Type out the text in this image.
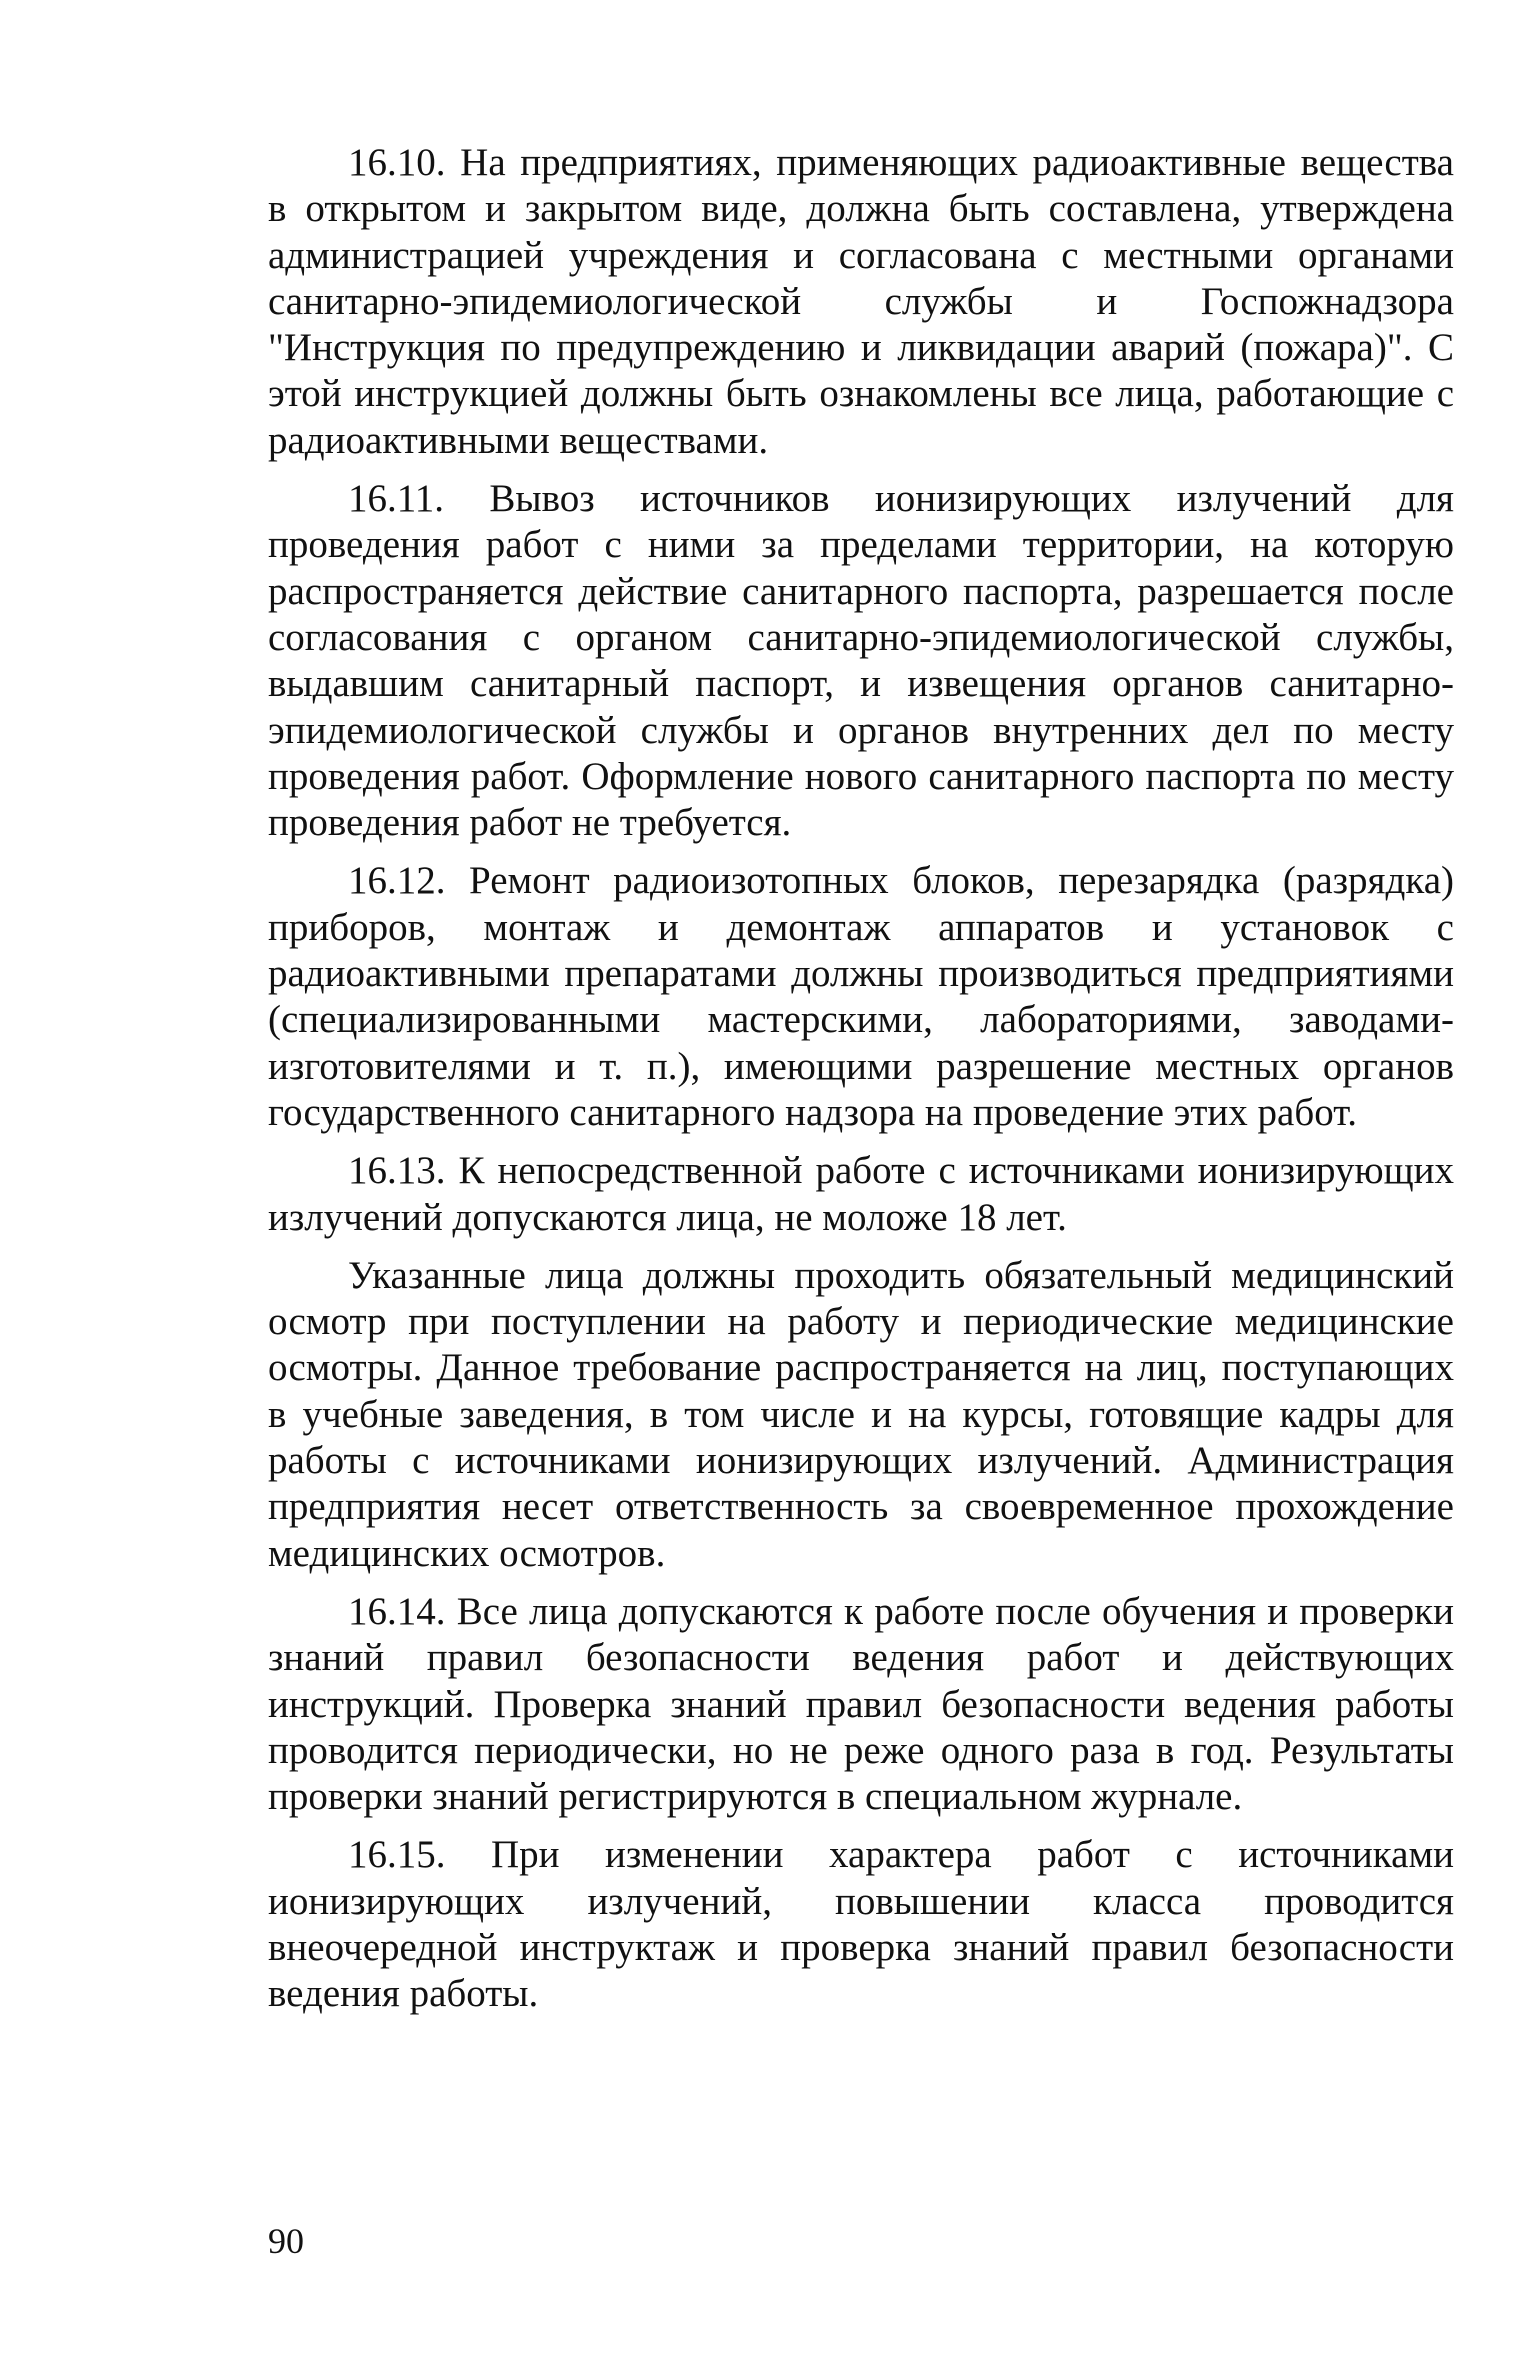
16.10. На предприятиях, применяющих радиоактивные вещества в открытом и закрытом виде, должна быть составлена, утверждена администрацией учреждения и согласована с местными органами санитарно-эпидемиологической службы и Госпожнадзора "Инструкция по предупреждению и ликвидации аварий (пожара)". С этой инструкцией должны быть ознакомлены все лица, работающие с радиоактивными веществами.

16.11. Вывоз источников ионизирующих излучений для проведения работ с ними за пределами территории, на которую распространяется действие санитарного паспорта, разрешается после согласования с органом санитарно-эпидемиологической службы, выдавшим санитарный паспорт, и извещения органов санитарно-эпидемиологической службы и органов внутренних дел по месту проведения работ. Оформление нового санитарного паспорта по месту проведения работ не требуется.

16.12. Ремонт радиоизотопных блоков, перезарядка (разрядка) приборов, монтаж и демонтаж аппаратов и установок с радиоактивными препаратами должны производиться предприятиями (специализированными мастерскими, лабораториями, заводами-изготовителями и т. п.), имеющими разрешение местных органов государственного санитарного надзора на проведение этих работ.

16.13. К непосредственной работе с источниками ионизирующих излучений допускаются лица, не моложе 18 лет.

Указанные лица должны проходить обязательный медицинский осмотр при поступлении на работу и периодические медицинские осмотры. Данное требование распространяется на лиц, поступающих в учебные заведения, в том числе и на курсы, готовящие кадры для работы с источниками ионизирующих излучений. Администрация предприятия несет ответственность за своевременное прохождение медицинских осмотров.

16.14. Все лица допускаются к работе после обучения и проверки знаний правил безопасности ведения работ и действующих инструкций. Проверка знаний правил безопасности ведения работы проводится периодически, но не реже одного раза в год. Результаты проверки знаний регистрируются в специальном журнале.

16.15. При изменении характера работ с источниками ионизирующих излучений, повышении класса проводится внеочередной инструктаж и проверка знаний правил безопасности ведения работы.

90
